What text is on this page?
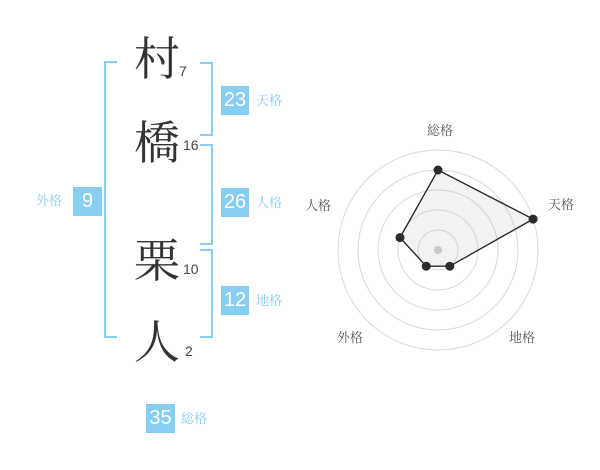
村
橋
栗
人
7
16
10
2
23 天格
26 人格
12 地格
9
外格
35 総格
総格
天格
地格
外格
人格
